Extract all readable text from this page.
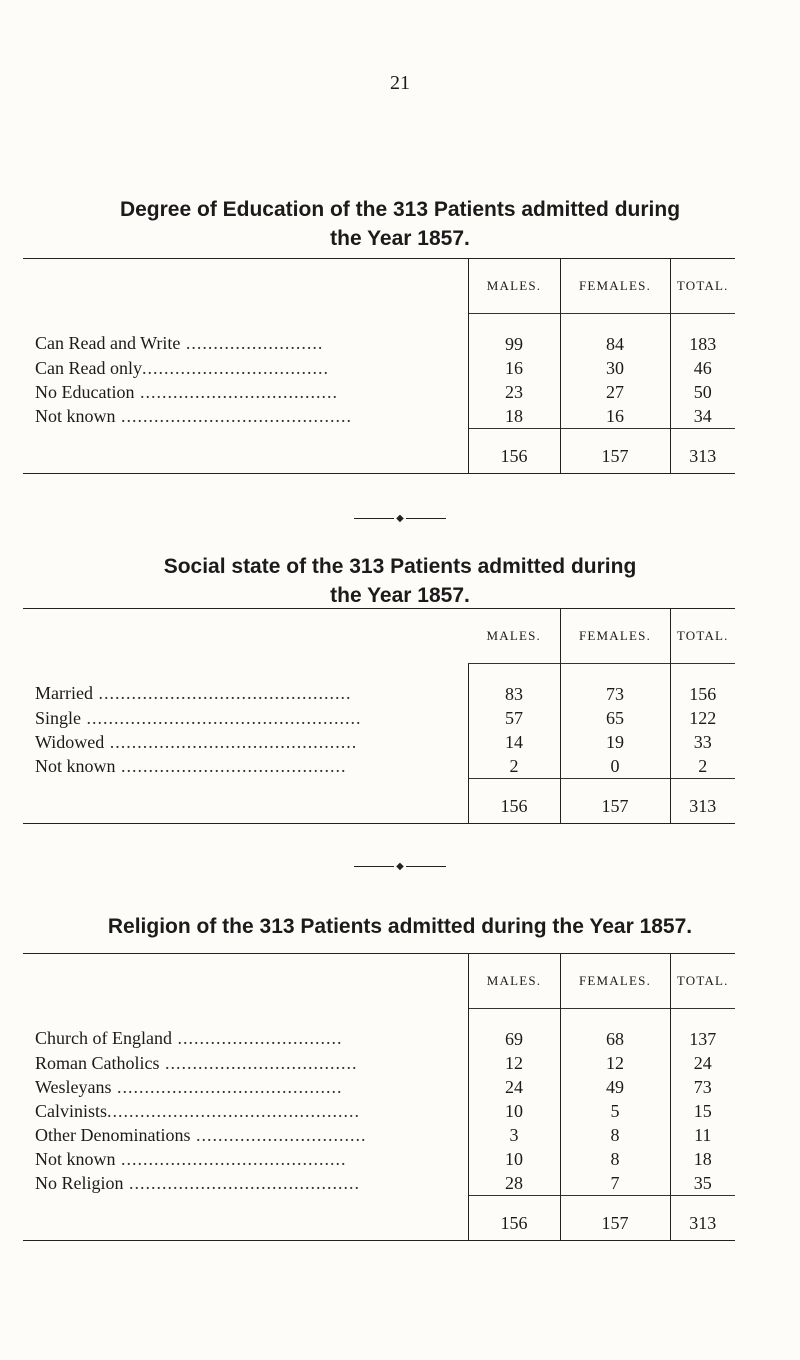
21

Degree of Education of the 313 Patients admitted during

the Year 1857.

	MALES.	FEMALES.	TOTAL.
Can Read and Write .........................	99	84	183
Can Read only..................................	16	30	46
No Education ....................................	23	27	50
Not known ..........................................	18	16	34
	156	157	313
◆

Social state of the 313 Patients admitted during

the Year 1857.

	MALES.	FEMALES.	TOTAL.
Married ..............................................	83	73	156
Single ..................................................	57	65	122
Widowed .............................................	14	19	33
Not known .........................................	2	0	2
	156	157	313
◆

Religion of the 313 Patients admitted during the Year 1857.

	MALES.	FEMALES.	TOTAL.
Church of England ..............................	69	68	137
Roman Catholics ...................................	12	12	24
Wesleyans .........................................	24	49	73
Calvinists..............................................	10	5	15
Other Denominations ...............................	3	8	11
Not known .........................................	10	8	18
No Religion ..........................................	28	7	35
	156	157	313
